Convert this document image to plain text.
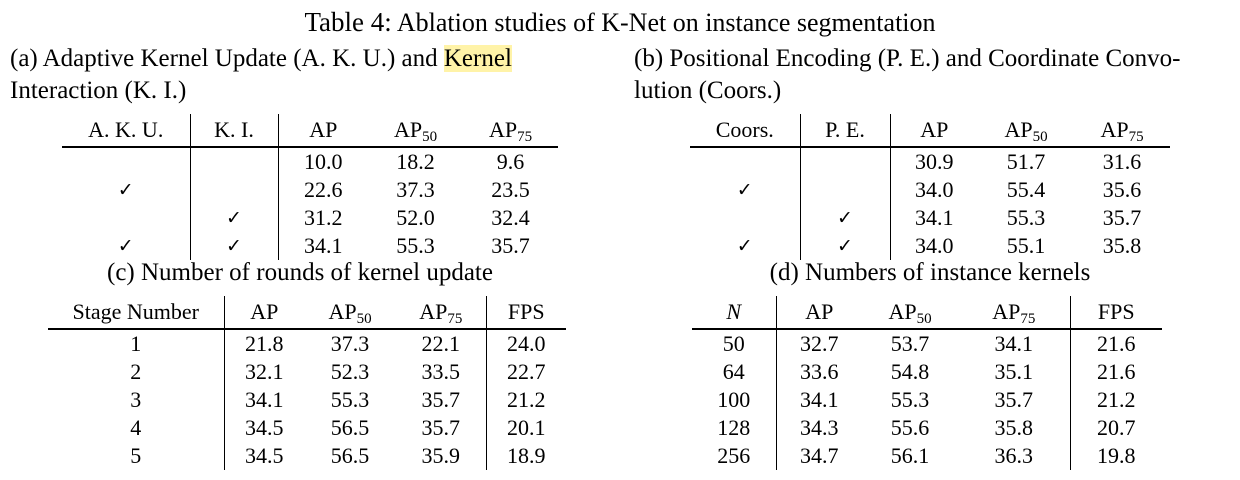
Table 4: Ablation studies of K-Net on instance segmentation
(a) Adaptive Kernel Update (A. K. U.) and Kernel
Interaction (K. I.)
(b) Positional Encoding (P. E.) and Coordinate Convo-
lution (Coors.)
A. K. U.	K. I.	AP	$AP_{50}$	$AP_{75}$
		10.0	18.2	9.6
✓		22.6	37.3	23.5
	✓	31.2	52.0	32.4
✓	✓	34.1	55.3	35.7
Coors.	P. E.	AP	$AP_{50}$	$AP_{75}$
		30.9	51.7	31.6
✓		34.0	55.4	35.6
	✓	34.1	55.3	35.7
✓	✓	34.0	55.1	35.8
(c) Number of rounds of kernel update	(d) Numbers of instance kernels
Stage Number	AP	$AP_{50}$	$AP_{75}$	FPS
1	21.8	37.3	22.1	24.0
2	32.1	52.3	33.5	22.7
3	34.1	55.3	35.7	21.2
4	34.5	56.5	35.7	20.1
5	34.5	56.5	35.9	18.9
N	AP	$AP_{50}$	$AP_{75}$	FPS
50	32.7	53.7	34.1	21.6
64	33.6	54.8	35.1	21.6
100	34.1	55.3	35.7	21.2
128	34.3	55.6	35.8	20.7
256	34.7	56.1	36.3	19.8
